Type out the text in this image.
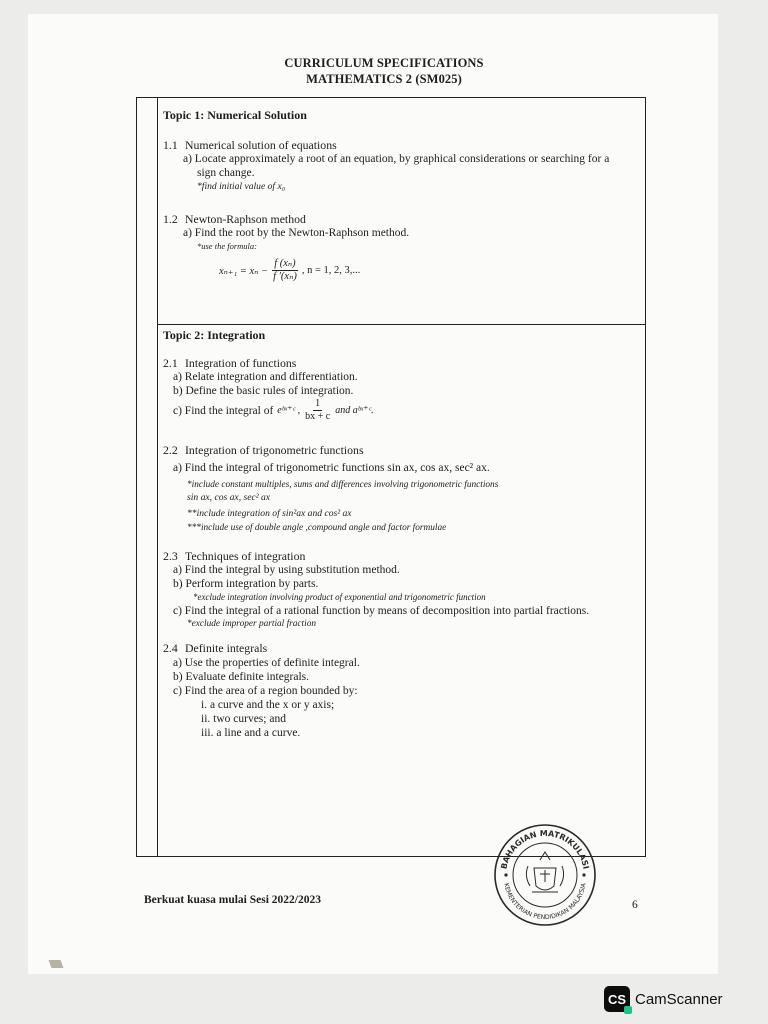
CURRICULUM SPECIFICATIONS
MATHEMATICS 2 (SM025)
Topic 1: Numerical Solution
1.1 Numerical solution of equations
a) Locate approximately a root of an equation, by graphical considerations or searching for a
sign change.
*find initial value of x₀
1.2 Newton-Raphson method
a) Find the root by the Newton-Raphson method.
*use the formula:
$x_{n+1} = x_n - \frac{\text{f (xₙ)}}{\text{f ′(xₙ)}}$ , n = 1, 2, 3,...
Topic 2: Integration
2.1 Integration of functions
a) Relate integration and differentiation.
b) Define the basic rules of integration.
c) Find the integral of eᵇˣ⁺ᶜ , $\frac{1}{bx + c}$ and aᵇˣ⁺ᶜ.
2.2 Integration of trigonometric functions
a) Find the integral of trigonometric functions sin ax, cos ax, sec² ax.
*include constant multiples, sums and differences involving trigonometric functions
sin ax, cos ax, sec² ax
**include integration of sin²ax and cos² ax
***include use of double angle ,compound angle and factor formulae
2.3 Techniques of integration
a) Find the integral by using substitution method.
b) Perform integration by parts.
*exclude integration involving product of exponential and trigonometric function
c) Find the integral of a rational function by means of decomposition into partial fractions.
*exclude improper partial fraction
2.4 Definite integrals
a) Use the properties of definite integral.
b) Evaluate definite integrals.
c) Find the area of a region bounded by:
i. a curve and the x or y axis;
ii. two curves; and
iii. a line and a curve.
Berkuat kuasa mulai Sesi 2022/2023	6
BAHAGIAN MATRIKULASI
KEMENTERIAN PENDIDIKAN MALAYSIA
CS CamScanner
